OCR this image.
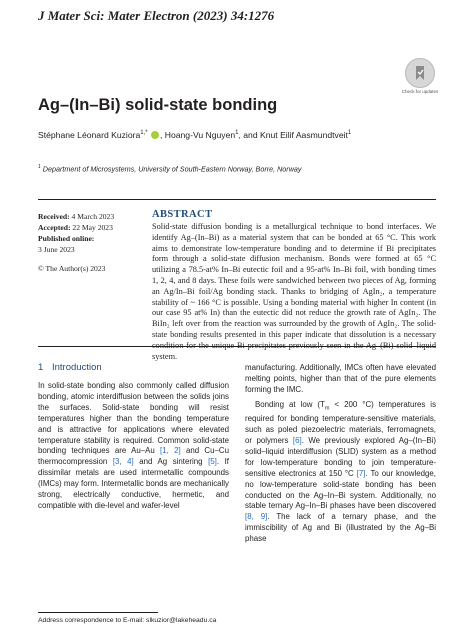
J Mater Sci: Mater Electron (2023) 34:1276
Check for updates
Ag–(In–Bi) solid-state bonding
Stéphane Léonard Kuziora$^{1,*}$ , Hoang-Vu Nguyen$^1$, and Knut Eilif Aasmundtveit$^1$
$^1$ Department of Microsystems, University of South-Eastern Norway, Borre, Norway
Received: 4 March 2023
Accepted: 22 May 2023
Published online:
3 June 2023
© The Author(s) 2023
ABSTRACT
Solid-state diffusion bonding is a metallurgical technique to bond interfaces. We identify Ag–(In–Bi) as a material system that can be bonded at 65 °C. This work aims to demonstrate low-temperature bonding and to determine if Bi precipitates form through a solid-state diffusion mechanism. Bonds were formed at 65 °C utilizing a 78.5-at% In–Bi eutectic foil and a 95-at% In–Bi foil, with bonding times 1, 2, 4, and 8 days. These foils were sandwiched between two pieces of Ag, forming an Ag/In–Bi foil/Ag bonding stack. Thanks to bridging of AgIn₂, a temperature stability of ~ 166 °C is possible. Using a bonding material with higher In content (in our case 95 at% In) than the eutectic did not reduce the growth rate of AgIn₂. The BiIn₂ left over from the reaction was surrounded by the growth of AgIn₂. The solid-state bonding results presented in this paper indicate that dissolution is a necessary system.
1 Introduction

In solid-state bonding also commonly called diffusion bonding, atomic interdiffusion between the solids joins the surfaces. Solid-state bonding will resist temperatures higher than the bonding temperature and is attractive for applications where elevated temperature stability is required. Common solid-state bonding techniques are Au–Au [1, 2] and Cu–Cu thermocompression [3, 4] and Ag sintering [5]. If dissimilar metals are used intermetallic compounds (IMCs) may form. Intermetallic bonds are mechanically strong, electrically conductive, hermetic, and compatible with die-level and wafer-level

manufacturing. Additionally, IMCs often have elevated melting points, higher than that of the pure elements forming the IMC.

Bonding at low ($T_m < 200$ °C) temperatures is required for bonding temperature-sensitive materials, such as poled piezoelectric materials, ferromagnets, or polymers [6]. We previously explored Ag–(In–Bi) solid–liquid interdiffusion (SLID) system as a method for low-temperature bonding to join temperature-sensitive electronics at 150 °C [7]. To our knowledge, no low-temperature solid-state bonding has been conducted on the Ag–In–Bi system. Additionally, no stable ternary Ag–In–Bi phases have been discovered [8, 9]. The lack of a ternary phase, and the immiscibility of Ag and Bi (illustrated by the Ag–Bi phase

Address correspondence to E-mail: slkuzior@lakeheadu.ca
